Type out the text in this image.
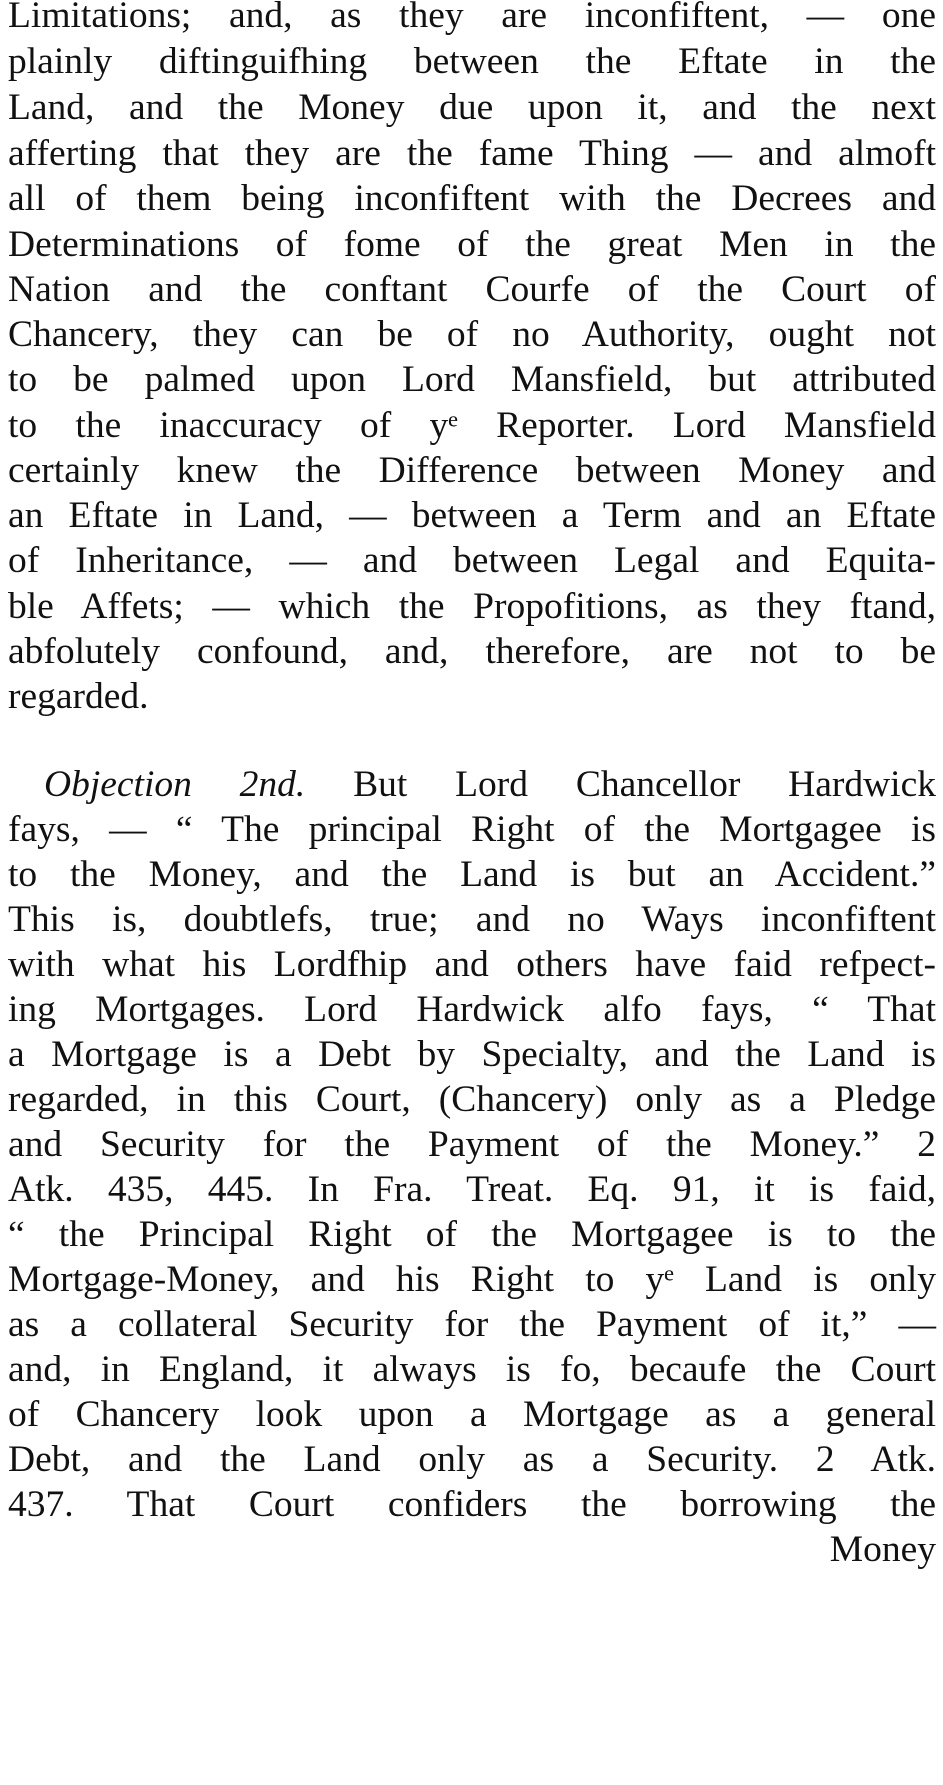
Limitations; and, as they are inconfiftent, — one
plainly diftinguifhing between the Eftate in the
Land, and the Money due upon it, and the next
afferting that they are the fame Thing — and almoft
all of them being inconfiftent with the Decrees and
Determinations of fome of the great Men in the
Nation and the conftant Courfe of the Court of
Chancery, they can be of no Authority, ought not
to be palmed upon Lord Mansfield, but attributed
to the inaccuracy of yᵉ Reporter. Lord Mansfield
certainly knew the Difference between Money and
an Eftate in Land, — between a Term and an Eftate
of Inheritance, — and between Legal and Equita-
ble Affets; — which the Propofitions, as they ftand,
abfolutely confound, and, therefore, are not to be
regarded.
Objection 2nd. But Lord Chancellor Hardwick
fays, — “ The principal Right of the Mortgagee is
to the Money, and the Land is but an Accident.”
This is, doubtlefs, true; and no Ways inconfiftent
with what his Lordfhip and others have faid refpect-
ing Mortgages. Lord Hardwick alfo fays, “ That
a Mortgage is a Debt by Specialty, and the Land is
regarded, in this Court, (Chancery) only as a Pledge
and Security for the Payment of the Money.” 2
Atk. 435, 445. In Fra. Treat. Eq. 91, it is faid,
“ the Principal Right of the Mortgagee is to the
Mortgage-Money, and his Right to yᵉ Land is only
as a collateral Security for the Payment of it,” —
and, in England, it always is fo, becaufe the Court
of Chancery look upon a Mortgage as a general
Debt, and the Land only as a Security. 2 Atk.
437. That Court confiders the borrowing the
Money
